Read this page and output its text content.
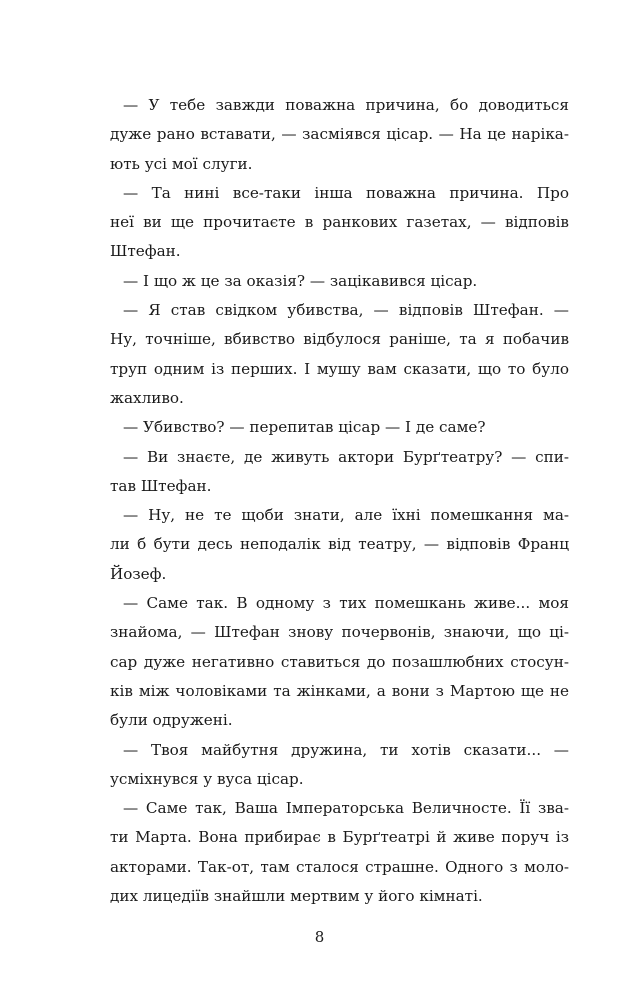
— У тебе завжди поважна причина, бо доводиться
дуже рано вставати, — засміявся цісар. — На це наріка-
ють усі мої слуги.
— Та нині все-таки інша поважна причина. Про
неї ви ще прочитаєте в ранкових газетах, — відповів
Штефан.
— І що ж це за оказія? — зацікавився цісар.
— Я став свідком убивства, — відповів Штефан. —
Ну, точніше, вбивство відбулося раніше, та я побачив
труп одним із перших. І мушу вам сказати, що то було
жахливо.
— Убивство? — перепитав цісар — І де саме?
— Ви знаєте, де живуть актори Бурґтеатру? — спи-
тав Штефан.
— Ну, не те щоби знати, але їхні помешкання ма-
ли б бути десь неподалік від театру, — відповів Франц
Йозеф.
— Саме так. В одному з тих помешкань живе... моя
знайома, — Штефан знову почервонів, знаючи, що ці-
сар дуже негативно ставиться до позашлюбних стосун-
ків між чоловіками та жінками, а вони з Мартою ще не
були одружені.
— Твоя майбутня дружина, ти хотів сказати... —
усміхнувся у вуса цісар.
— Саме так, Ваша Імператорська Величносте. Її зва-
ти Марта. Вона прибирає в Бурґтеатрі й живе поруч із
акторами. Так-от, там сталося страшне. Одного з моло-
дих лицедіїв знайшли мертвим у його кімнаті.
8
